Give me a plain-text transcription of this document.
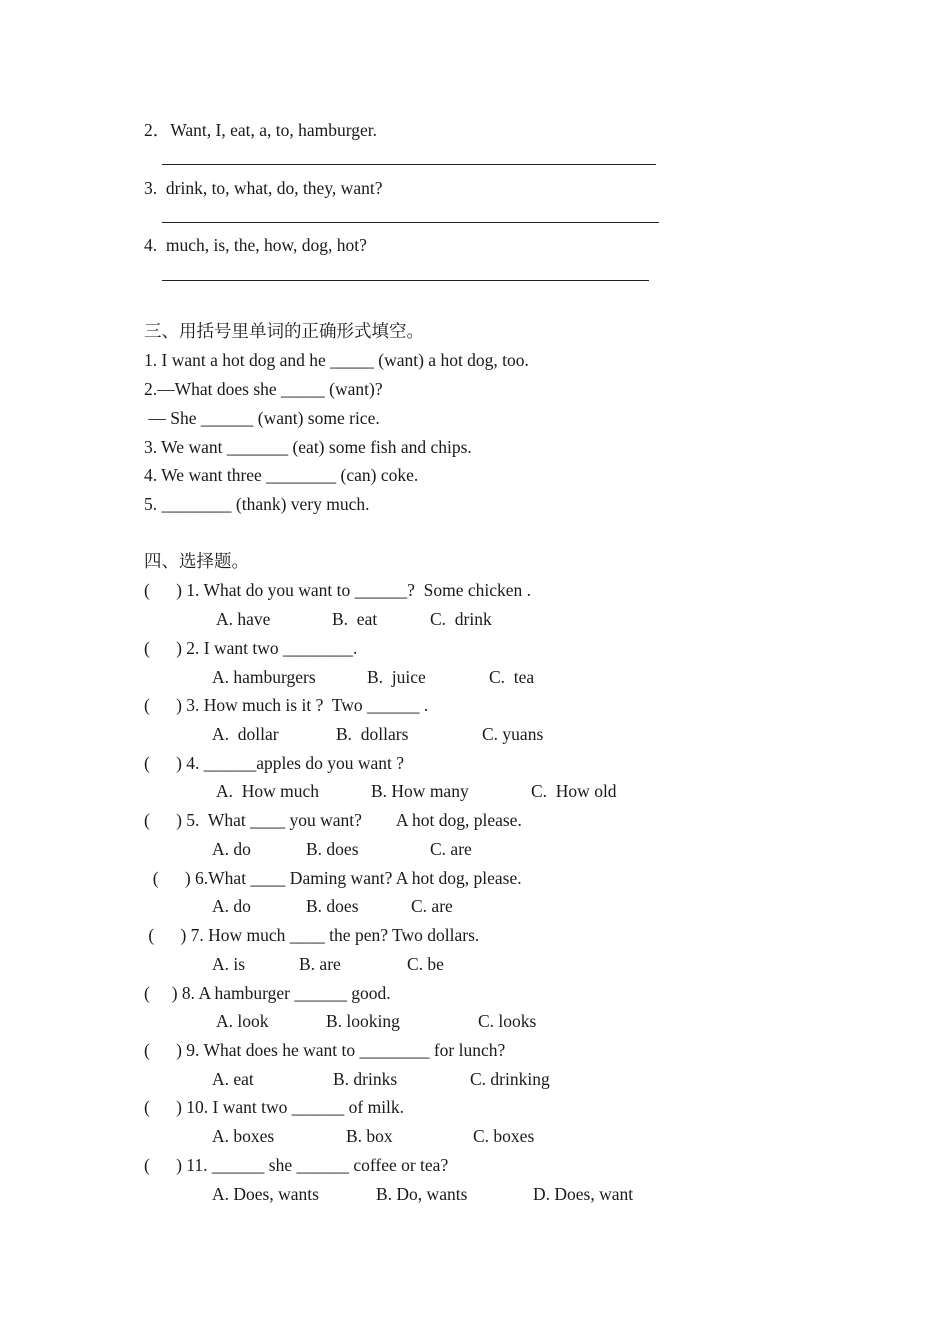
2．Want, I, eat, a, to, hamburger.
3.  drink, to, what, do, they, want?
4.  much, is, the, how, dog, hot?
三、用括号里单词的正确形式填空。
1. I want a hot dog and he _____ (want) a hot dog, too.
2.—What does she _____ (want)?
— She ______ (want) some rice.
3. We want _______ (eat) some fish and chips.
4. We want three ________ (can) coke.
5. ________ (thank) very much.
四、选择题。
(      ) 1. What do you want to ______?  Some chicken .
A. have	B.  eat	C.  drink
(      ) 2. I want two ________.
A. hamburgers	B.  juice	C.  tea
(      ) 3. How much is it ?  Two ______ .
A.  dollar	B.  dollars	C. yuans
(      ) 4. ______apples do you want ?
A.  How much	B. How many	C.  How old
(      ) 5.  What ____ you want?        A hot dog, please.
A. do	B. does	C. are
(      ) 6.What ____ Daming want? A hot dog, please.
A. do	B. does	C. are
(      ) 7. How much ____ the pen? Two dollars.
A. is	B. are	C. be
(     ) 8. A hamburger ______ good.
A. look	B. looking	C. looks
(      ) 9. What does he want to ________ for lunch?
A. eat	B. drinks	C. drinking
(      ) 10. I want two ______ of milk.
A. boxes	B. box	C. boxes
(      ) 11. ______ she ______ coffee or tea?
A. Does, wants	B. Do, wants	D. Does, want
